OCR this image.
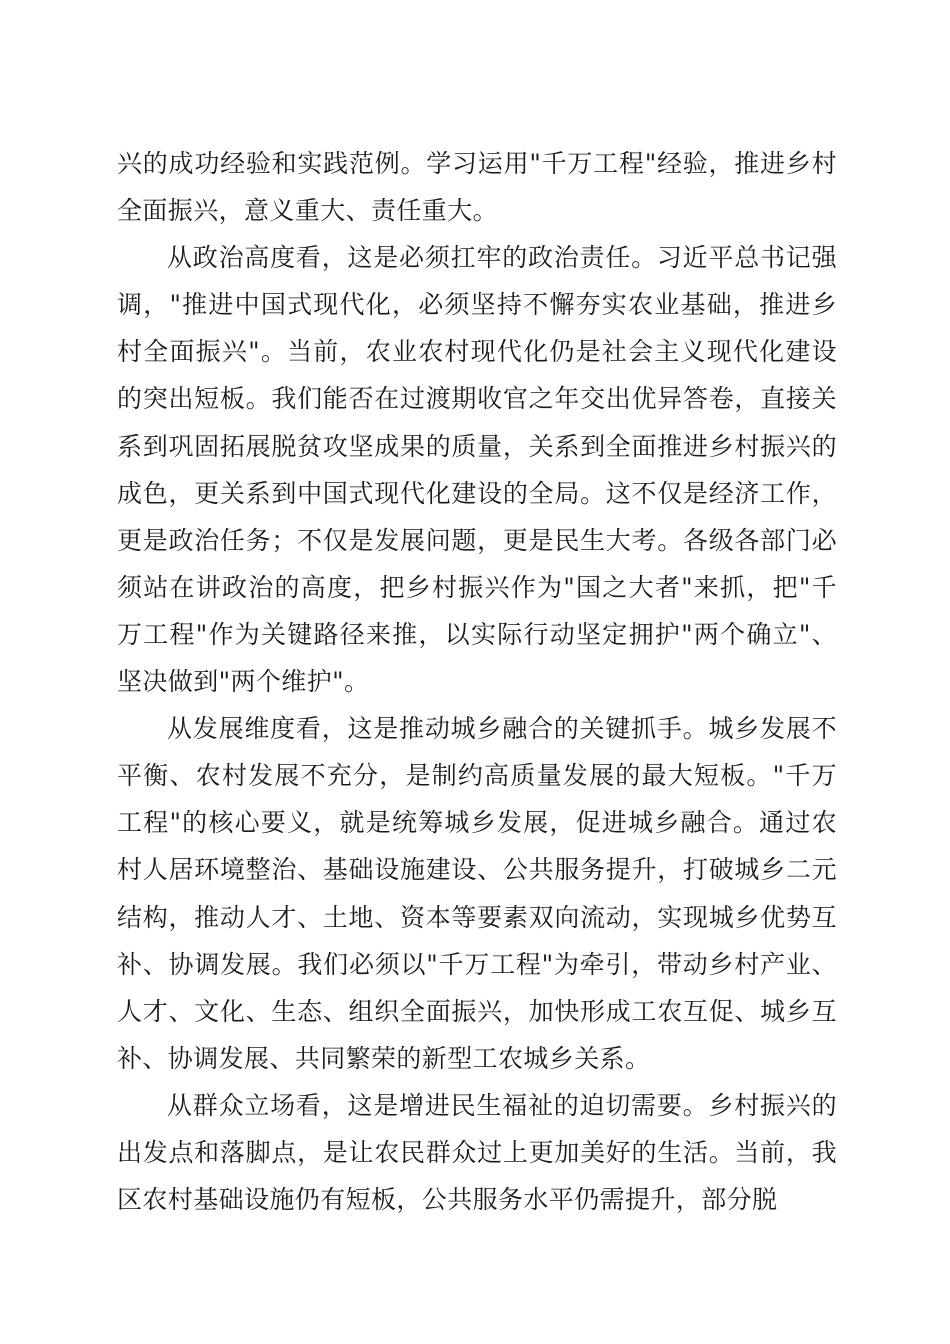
兴的成功经验和实践范例。学习运用"千万工程"经验，推进乡村全面振兴，意义重大、责任重大。

从政治高度看，这是必须扛牢的政治责任。习近平总书记强调，"推进中国式现代化，必须坚持不懈夯实农业基础，推进乡村全面振兴"。当前，农业农村现代化仍是社会主义现代化建设的突出短板。我们能否在过渡期收官之年交出优异答卷，直接关系到巩固拓展脱贫攻坚成果的质量，关系到全面推进乡村振兴的成色，更关系到中国式现代化建设的全局。这不仅是经济工作，更是政治任务；不仅是发展问题，更是民生大考。各级各部门必须站在讲政治的高度，把乡村振兴作为"国之大者"来抓，把"千万工程"作为关键路径来推，以实际行动坚定拥护"两个确立"、坚决做到"两个维护"。

从发展维度看，这是推动城乡融合的关键抓手。城乡发展不平衡、农村发展不充分，是制约高质量发展的最大短板。"千万工程"的核心要义，就是统筹城乡发展，促进城乡融合。通过农村人居环境整治、基础设施建设、公共服务提升，打破城乡二元结构，推动人才、土地、资本等要素双向流动，实现城乡优势互补、协调发展。我们必须以"千万工程"为牵引，带动乡村产业、人才、文化、生态、组织全面振兴，加快形成工农互促、城乡互补、协调发展、共同繁荣的新型工农城乡关系。

从群众立场看，这是增进民生福祉的迫切需要。乡村振兴的出发点和落脚点，是让农民群众过上更加美好的生活。当前，我区农村基础设施仍有短板，公共服务水平仍需提升，部分脱
